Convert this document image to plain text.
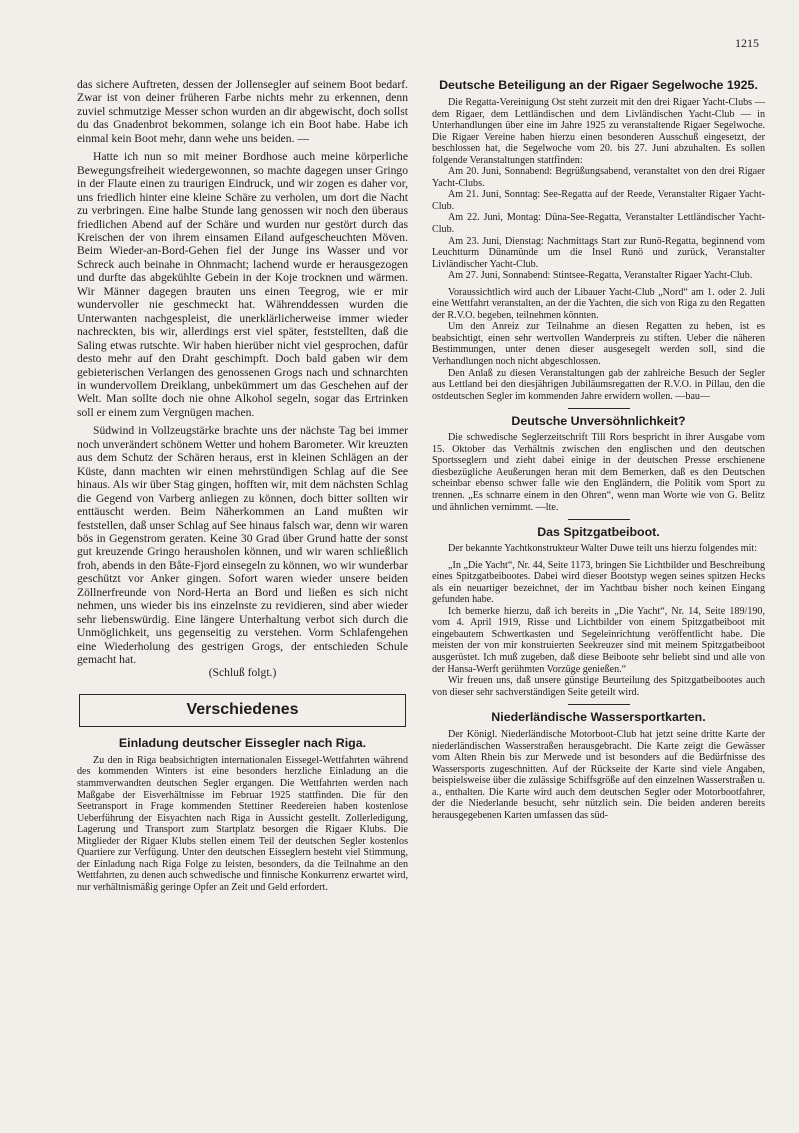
1215

das sichere Auftreten, dessen der Jollensegler auf seinem Boot bedarf. Zwar ist von deiner früheren Farbe nichts mehr zu erkennen, denn zuviel schmutzige Messer schon wurden an dir abgewischt, doch sollst du das Gnadenbrot bekommen, solange ich ein Boot habe. Habe ich einmal kein Boot mehr, dann wehe uns beiden. —

Hatte ich nun so mit meiner Bordhose auch meine körperliche Bewegungsfreiheit wiedergewonnen, so machte dagegen unser Gringo in der Flaute einen zu traurigen Eindruck, und wir zogen es daher vor, uns friedlich hinter eine kleine Schäre zu verholen, um dort die Nacht zu verbringen. Eine halbe Stunde lang genossen wir noch den überaus friedlichen Abend auf der Schäre und wurden nur gestört durch das Kreischen der von ihrem einsamen Eiland aufgescheuchten Möven. Beim Wieder-an-Bord-Gehen fiel der Junge ins Wasser und vor Schreck auch beinahe in Ohnmacht; lachend wurde er herausgezogen und durfte das abgekühlte Gebein in der Koje trocknen und wärmen. Wir Männer dagegen brauten uns einen Teegrog, wie er mir wundervoller nie geschmeckt hat. Währenddessen wurden die Unterwanten nachgespleist, die unerklärlicherweise immer wieder nachreckten, bis wir, allerdings erst viel später, feststellten, daß die Saling etwas rutschte. Wir haben hierüber nicht viel gesprochen, dafür desto mehr auf den Draht geschimpft. Doch bald gaben wir dem gebieterischen Verlangen des genossenen Grogs nach und schnarchten in wundervollem Dreiklang, unbekümmert um das Geschehen auf der Welt. Man sollte doch nie ohne Alkohol segeln, sogar das Ertrinken soll er einem zum Vergnügen machen.

Südwind in Vollzeugstärke brachte uns der nächste Tag bei immer noch unverändert schönem Wetter und hohem Barometer. Wir kreuzten aus dem Schutz der Schären heraus, erst in kleinen Schlägen an der Küste, dann machten wir einen mehrstündigen Schlag auf die See hinaus. Als wir über Stag gingen, hofften wir, mit dem nächsten Schlag die Gegend von Varberg anliegen zu können, doch bitter sollten wir enttäuscht werden. Beim Näherkommen an Land mußten wir feststellen, daß unser Schlag auf See hinaus falsch war, denn wir waren bös in Gegenstrom geraten. Keine 30 Grad über Grund hatte der sonst gut kreuzende Gringo herausholen können, und wir waren schließlich froh, abends in den Båte-Fjord einsegeln zu können, wo wir wunderbar geschützt vor Anker gingen. Sofort waren wieder unsere beiden Zöllnerfreunde von Nord-Herta an Bord und ließen es sich nicht nehmen, uns wieder bis ins einzelnste zu revidieren, sind aber wieder sehr liebenswürdig. Eine längere Unterhaltung verbot sich durch die Unmöglichkeit, uns gegenseitig zu verstehen. Vorm Schlafengehen eine Wiederholung des gestrigen Grogs, der entschieden Schule gemacht hat.

(Schluß folgt.)

Verschiedenes
Einladung deutscher Eissegler nach Riga.

Zu den in Riga beabsichtigten internationalen Eissegel-Wettfahrten während des kommenden Winters ist eine besonders herzliche Einladung an die stammverwandten deutschen Segler ergangen. Die Wettfahrten werden nach Maßgabe der Eisverhältnisse im Februar 1925 stattfinden. Die für den Seetransport in Frage kommenden Stettiner Reedereien haben kostenlose Ueberführung der Eisyachten nach Riga in Aussicht gestellt. Zollerledigung, Lagerung und Transport zum Startplatz besorgen die Rigaer Klubs. Die Mitglieder der Rigaer Klubs stellen einem Teil der deutschen Segler kostenlos Quartiere zur Verfügung. Unter den deutschen Eisseglern besteht viel Stimmung, der Einladung nach Riga Folge zu leisten, besonders, da die Teilnahme an den Wettfahrten, zu denen auch schwedische und finnische Konkurrenz erwartet wird, nur verhältnismäßig geringe Opfer an Zeit und Geld erfordert.

Deutsche Beteiligung an der Rigaer Segelwoche 1925.

Die Regatta-Vereinigung Ost steht zurzeit mit den drei Rigaer Yacht-Clubs — dem Rigaer, dem Lettländischen und dem Livländischen Yacht-Club — in Unterhandlungen über eine im Jahre 1925 zu veranstaltende Rigaer Segelwoche. Die Rigaer Vereine haben hierzu einen besonderen Ausschuß eingesetzt, der beschlossen hat, die Segelwoche vom 20. bis 27. Juni abzuhalten. Es sollen folgende Veranstaltungen stattfinden:

Am 20. Juni, Sonnabend: Begrüßungsabend, veranstaltet von den drei Rigaer Yacht-Clubs.

Am 21. Juni, Sonntag: See-Regatta auf der Reede, Veranstalter Rigaer Yacht-Club.

Am 22. Juni, Montag: Düna-See-Regatta, Veranstalter Lettländischer Yacht-Club.

Am 23. Juni, Dienstag: Nachmittags Start zur Runö-Regatta, beginnend vom Leuchtturm Dünamünde um die Insel Runö und zurück, Veranstalter Livländischer Yacht-Club.

Am 27. Juni, Sonnabend: Stintsee-Regatta, Veranstalter Rigaer Yacht-Club.

Voraussichtlich wird auch der Libauer Yacht-Club „Nord“ am 1. oder 2. Juli eine Wettfahrt veranstalten, an der die Yachten, die sich von Riga zu den Regatten der R.V.O. begeben, teilnehmen könnten.

Um den Anreiz zur Teilnahme an diesen Regatten zu heben, ist es beabsichtigt, einen sehr wertvollen Wanderpreis zu stiften. Ueber die näheren Bestimmungen, unter denen dieser ausgesegelt werden soll, sind die Verhandlungen noch nicht abgeschlossen.

Den Anlaß zu diesen Veranstaltungen gab der zahlreiche Besuch der Segler aus Lettland bei den diesjährigen Jubiläumsregatten der R.V.O. in Pillau, den die ostdeutschen Segler im kommenden Jahre erwidern wollen. —bau—

Deutsche Unversöhnlichkeit?

Die schwedische Seglerzeitschrift Till Rors bespricht in ihrer Ausgabe vom 15. Oktober das Verhältnis zwischen den englischen und den deutschen Sportsseglern und zieht dabei einige in der deutschen Presse erschienene diesbezügliche Aeußerungen heran mit dem Bemerken, daß es den Deutschen scheinbar ebenso schwer falle wie den Engländern, die Politik vom Sport zu trennen. „Es schnarre einem in den Ohren“, wenn man Worte wie von G. Belitz und ähnlichen vernimmt. —lte.

Das Spitzgatbeiboot.

Der bekannte Yachtkonstrukteur Walter Duwe teilt uns hierzu folgendes mit:

„In „Die Yacht“, Nr. 44, Seite 1173, bringen Sie Lichtbilder und Beschreibung eines Spitzgatbeibootes. Dabei wird dieser Bootstyp wegen seines spitzen Hecks als ein neuartiger bezeichnet, der im Yachtbau bisher noch keinen Eingang gefunden habe.

Ich bemerke hierzu, daß ich bereits in „Die Yacht“, Nr. 14, Seite 189/190, vom 4. April 1919, Risse und Lichtbilder von einem Spitzgatbeiboot mit eingebautem Schwertkasten und Segeleinrichtung veröffentlicht habe. Die meisten der von mir konstruierten Seekreuzer sind mit meinem Spitzgatbeiboot ausgerüstet. Ich muß zugeben, daß diese Beiboote sehr beliebt sind und alle von der Hansa-Werft gerühmten Vorzüge genießen.“

Wir freuen uns, daß unsere günstige Beurteilung des Spitzgatbeibootes auch von dieser sehr sachverständigen Seite geteilt wird.

Niederländische Wassersportkarten.

Der Königl. Niederländische Motorboot-Club hat jetzt seine dritte Karte der niederländischen Wasserstraßen herausgebracht. Die Karte zeigt die Gewässer vom Alten Rhein bis zur Merwede und ist besonders auf die Bedürfnisse des Wassersports zugeschnitten. Auf der Rückseite der Karte sind viele Angaben, beispielsweise über die zulässige Schiffsgröße auf den einzelnen Wasserstraßen u. a., enthalten. Die Karte wird auch dem deutschen Segler oder Motorbootfahrer, der die Niederlande besucht, sehr nützlich sein. Die beiden anderen bereits herausgegebenen Karten umfassen das süd-
